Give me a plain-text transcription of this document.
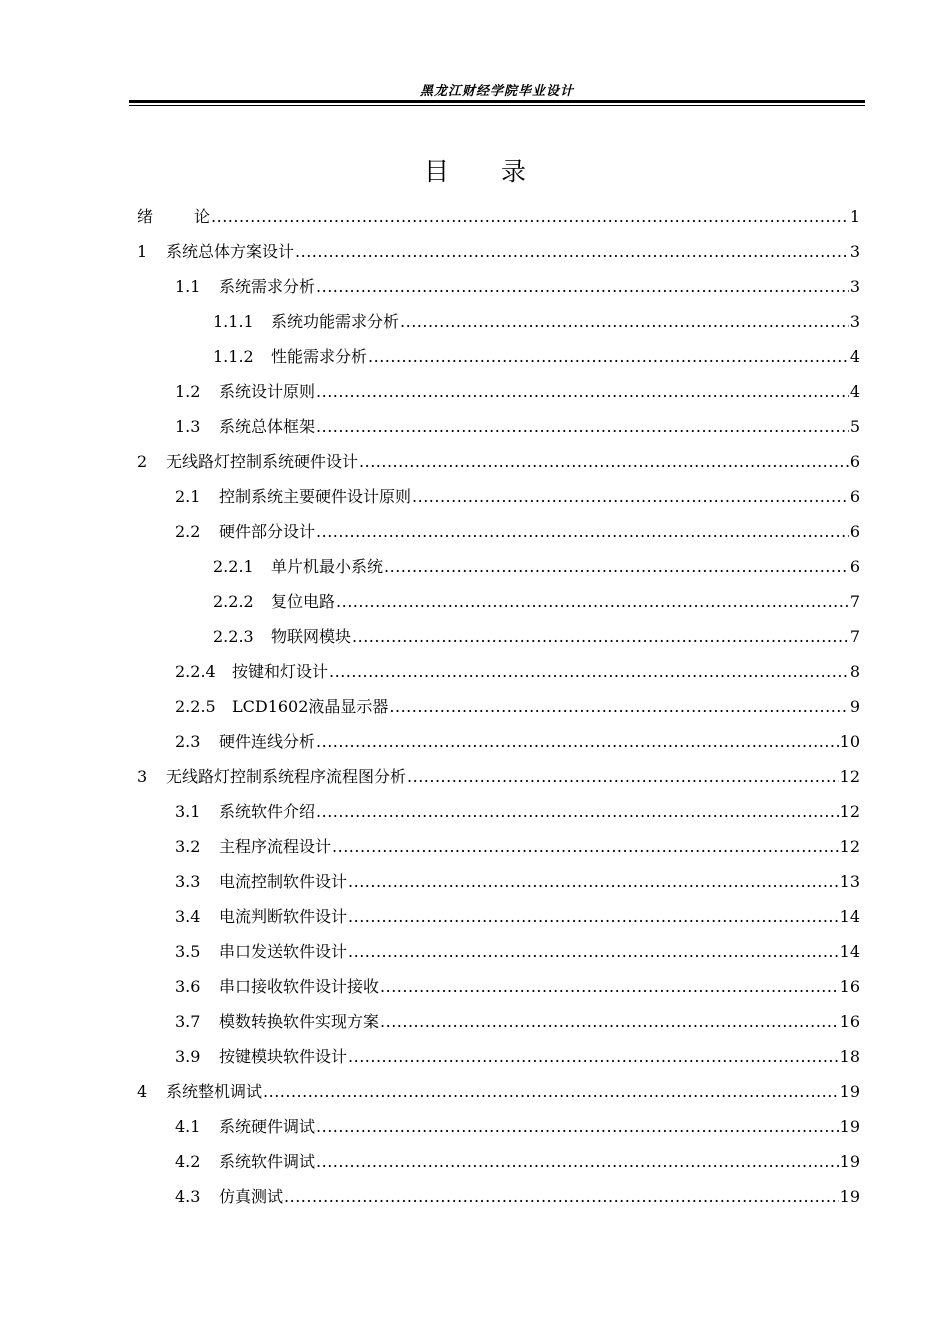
黑龙江财经学院毕业设计
目 录
绪	论 .....	1
1	系统总体方案设计 .....	3
1.1	系统需求分析 .....	3
1.1.1	系统功能需求分析 .....	3
1.1.2	性能需求分析 .....	4
1.2	系统设计原则 .....	4
1.3	系统总体框架 .....	5
2	无线路灯控制系统硬件设计 .....	6
2.1	控制系统主要硬件设计原则 .....	6
2.2	硬件部分设计 .....	6
2.2.1	单片机最小系统 .....	6
2.2.2	复位电路 .....	7
2.2.3	物联网模块 .....	7
2.2.4	按键和灯设计 .....	8
2.2.5	LCD1602液晶显示器 .....	9
2.3	硬件连线分析 .....	10
3	无线路灯控制系统程序流程图分析 .....	12
3.1	系统软件介绍 .....	12
3.2	主程序流程设计 .....	12
3.3	电流控制软件设计 .....	13
3.4	电流判断软件设计 .....	14
3.5	串口发送软件设计 .....	14
3.6	串口接收软件设计接收 .....	16
3.7	模数转换软件实现方案 .....	16
3.9	按键模块软件设计 .....	18
4	系统整机调试 .....	19
4.1	系统硬件调试 .....	19
4.2	系统软件调试 .....	19
4.3	仿真测试 .....	19
